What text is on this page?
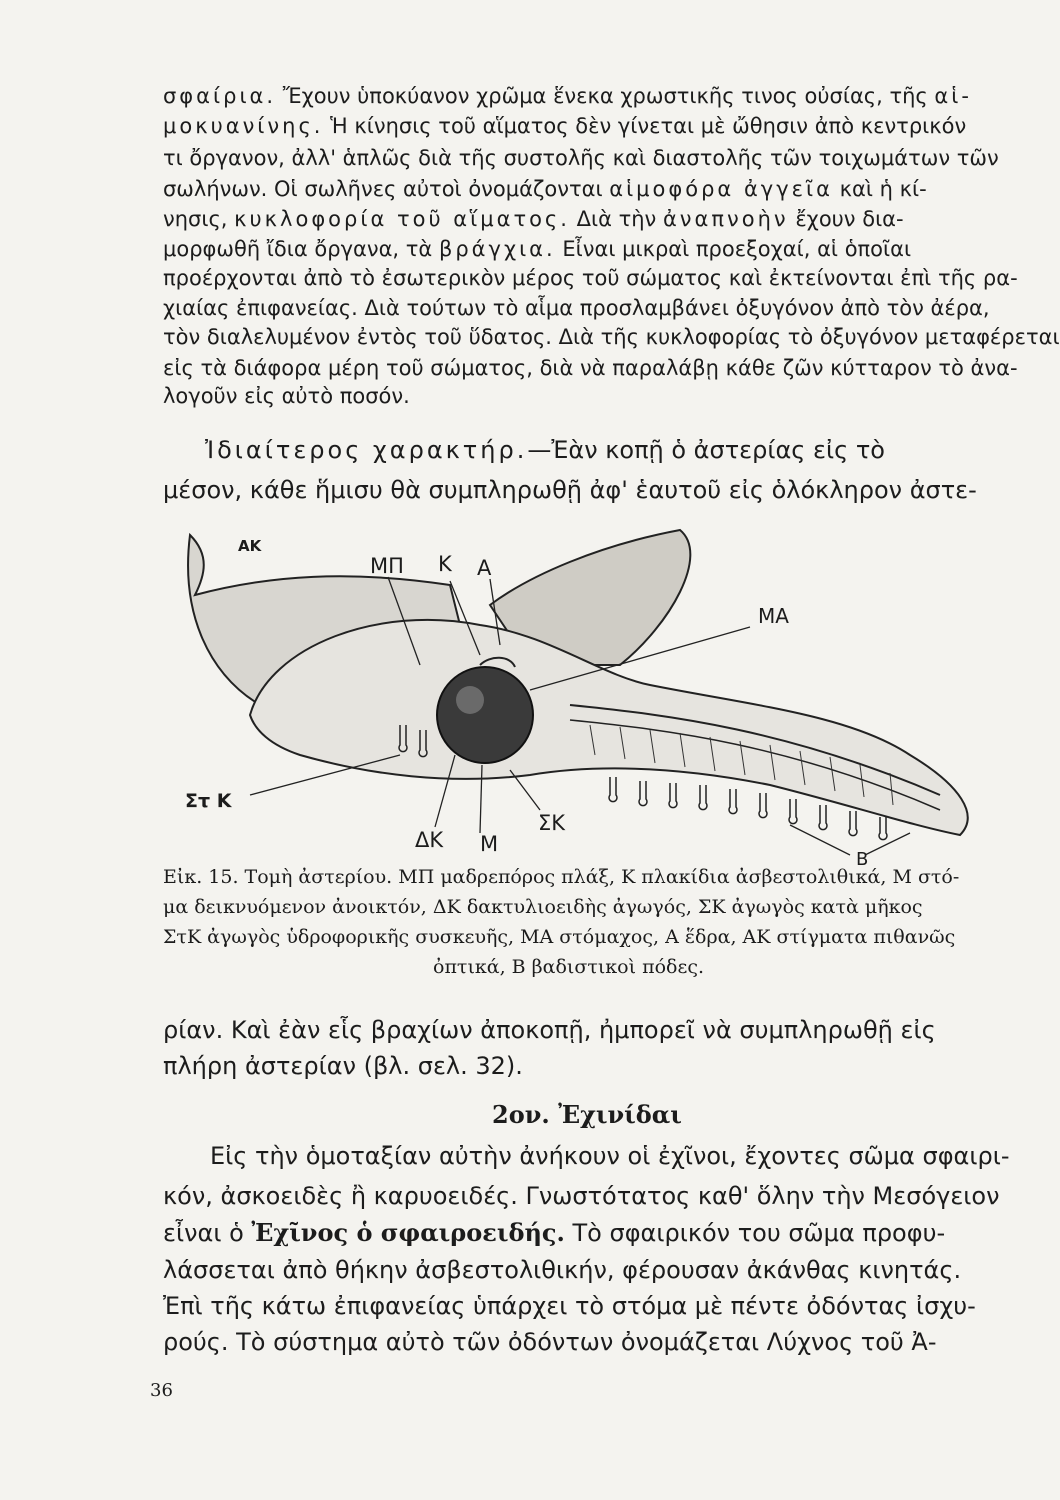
σφαίρια. Ἔχουν ὑποκύανον χρῶμα ἕνεκα χρωστικῆς τινος οὐσίας, τῆς αἱ-

μοκυανίνης. Ἡ κίνησις τοῦ αἵματος δὲν γίνεται μὲ ὤθησιν ἀπὸ κεντρικόν

τι ὄργανον, ἀλλ' ἁπλῶς διὰ τῆς συστολῆς καὶ διαστολῆς τῶν τοιχωμάτων τῶν

σωλήνων. Οἱ σωλῆνες αὐτοὶ ὀνομάζονται αἱμοφόρα ἀγγεῖα καὶ ἡ κί-

νησις, κυκλοφορία τοῦ αἵματος. Διὰ τὴν ἀναπνοὴν ἔχουν δια-

μορφωθῆ ἴδια ὄργανα, τὰ βράγχια. Εἶναι μικραὶ προεξοχαί, αἱ ὁποῖαι

προέρχονται ἀπὸ τὸ ἐσωτερικὸν μέρος τοῦ σώματος καὶ ἐκτείνονται ἐπὶ τῆς ρα-

χιαίας ἐπιφανείας. Διὰ τούτων τὸ αἷμα προσλαμβάνει ὀξυγόνον ἀπὸ τὸν ἀέρα,

τὸν διαλελυμένον ἐντὸς τοῦ ὕδατος. Διὰ τῆς κυκλοφορίας τὸ ὀξυγόνον μεταφέρεται

εἰς τὰ διάφορα μέρη τοῦ σώματος, διὰ νὰ παραλάβῃ κάθε ζῶν κύτταρον τὸ ἀνα-

λογοῦν εἰς αὐτὸ ποσόν.

Ἰδιαίτερος χαρακτήρ.—Ἐὰν κοπῇ ὁ ἀστερίας εἰς τὸ

μέσον, κάθε ἥμισυ θὰ συμπληρωθῇ ἀφ' ἑαυτοῦ εἰς ὁλόκληρον ἀστε-

ΑΚ
ΜΠ Κ Α
ΜΑ
Στ Κ
ΔΚ Μ
ΣΚ
Β

Εἰκ. 15. Τομὴ ἀστερίου. ΜΠ μαδρεπόρος πλάξ, Κ πλακίδια ἀσβεστολιθικά, Μ στό-

μα δεικνυόμενον ἀνοικτόν, ΔΚ δακτυλιοειδὴς ἀγωγός, ΣΚ ἀγωγὸς κατὰ μῆκος

ΣτΚ ἀγωγὸς ὑδροφορικῆς συσκευῆς, ΜΑ στόμαχος, Α ἕδρα, ΑΚ στίγματα πιθανῶς

ὀπτικά, Β βαδιστικοὶ πόδες.

ρίαν. Καὶ ἐὰν εἷς βραχίων ἀποκοπῇ, ἠμπορεῖ νὰ συμπληρωθῇ εἰς

πλήρη ἀστερίαν (βλ. σελ. 32).

2ον. Ἐχινίδαι

Εἰς τὴν ὁμοταξίαν αὐτὴν ἀνήκουν οἱ ἐχῖνοι, ἔχοντες σῶμα σφαιρι-

κόν, ἀσκοειδὲς ἢ καρυοειδές. Γνωστότατος καθ' ὅλην τὴν Μεσόγειον

εἶναι ὁ Ἐχῖνος ὁ σφαιροειδής. Τὸ σφαιρικόν του σῶμα προφυ-

λάσσεται ἀπὸ θήκην ἀσβεστολιθικήν, φέρουσαν ἀκάνθας κινητάς.

Ἐπὶ τῆς κάτω ἐπιφανείας ὑπάρχει τὸ στόμα μὲ πέντε ὀδόντας ἰσχυ-

ρούς. Τὸ σύστημα αὐτὸ τῶν ὀδόντων ὀνομάζεται Λύχνος τοῦ Ἀ-

36
